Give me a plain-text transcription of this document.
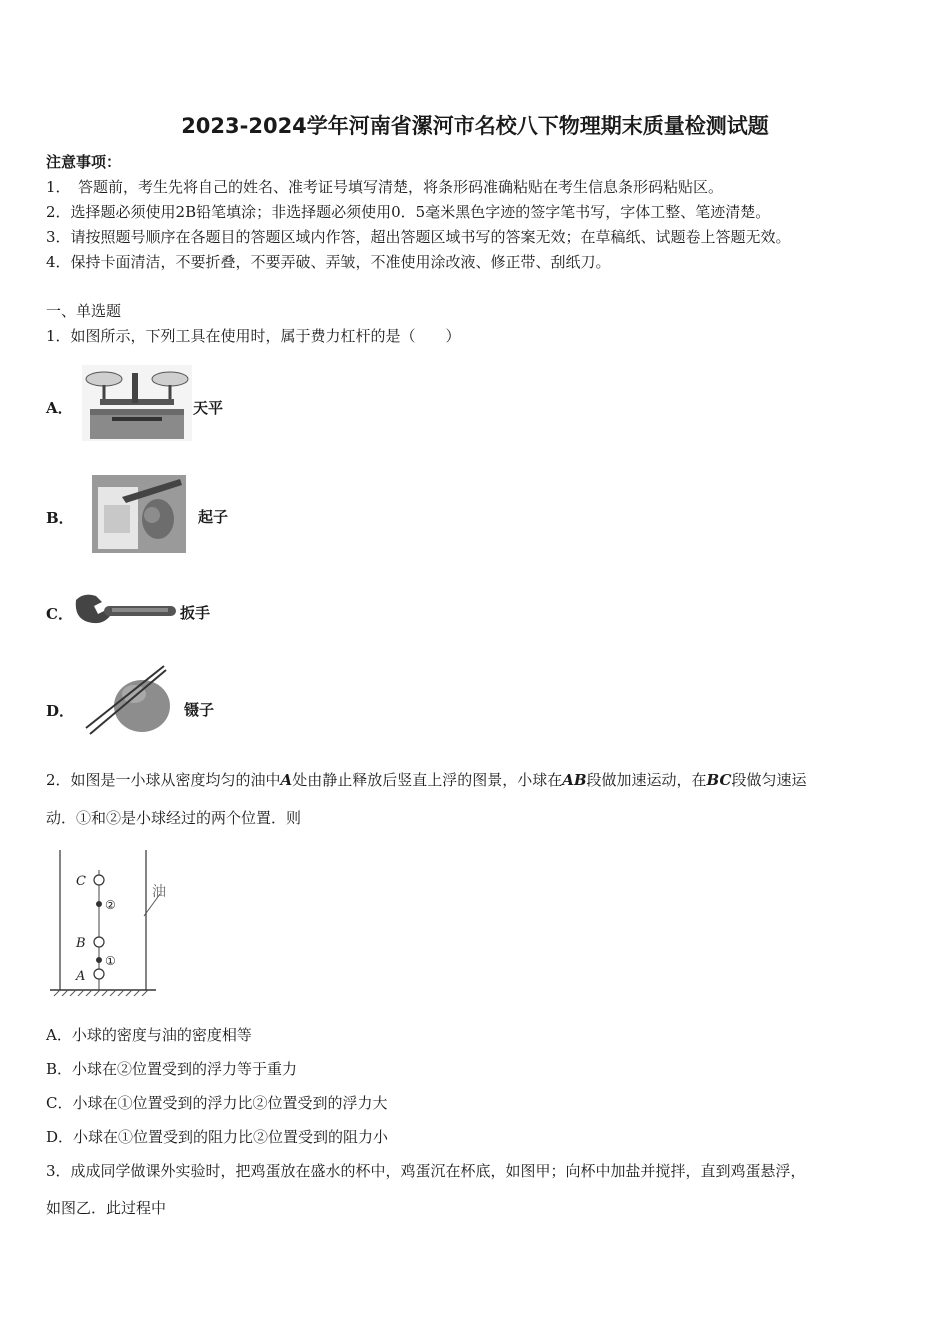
2023-2024学年河南省漯河市名校八下物理期末质量检测试题
注意事项：
1．　答题前，考生先将自己的姓名、准考证号填写清楚，将条形码准确粘贴在考生信息条形码粘贴区。
2．选择题必须使用2B铅笔填涂；非选择题必须使用0．5毫米黑色字迹的签字笔书写，字体工整、笔迹清楚。
3．请按照题号顺序在各题目的答题区域内作答，超出答题区域书写的答案无效；在草稿纸、试题卷上答题无效。
4．保持卡面清洁，不要折叠，不要弄破、弄皱，不准使用涂改液、修正带、刮纸刀。
一、单选题
1．如图所示，下列工具在使用时，属于费力杠杆的是（　　）
A．	天平
B．	起子
C．	扳手
D．	镊子
2．如图是一小球从密度均匀的油中A处由静止释放后竖直上浮的图景，小球在AB段做加速运动，在BC段做匀速运
动．①和②是小球经过的两个位置．则
C
B
A
②
①
油
A．小球的密度与油的密度相等
B．小球在②位置受到的浮力等于重力
C．小球在①位置受到的浮力比②位置受到的浮力大
D．小球在①位置受到的阻力比②位置受到的阻力小
3．成成同学做课外实验时，把鸡蛋放在盛水的杯中，鸡蛋沉在杯底，如图甲；向杯中加盐并搅拌，直到鸡蛋悬浮，
如图乙．此过程中
